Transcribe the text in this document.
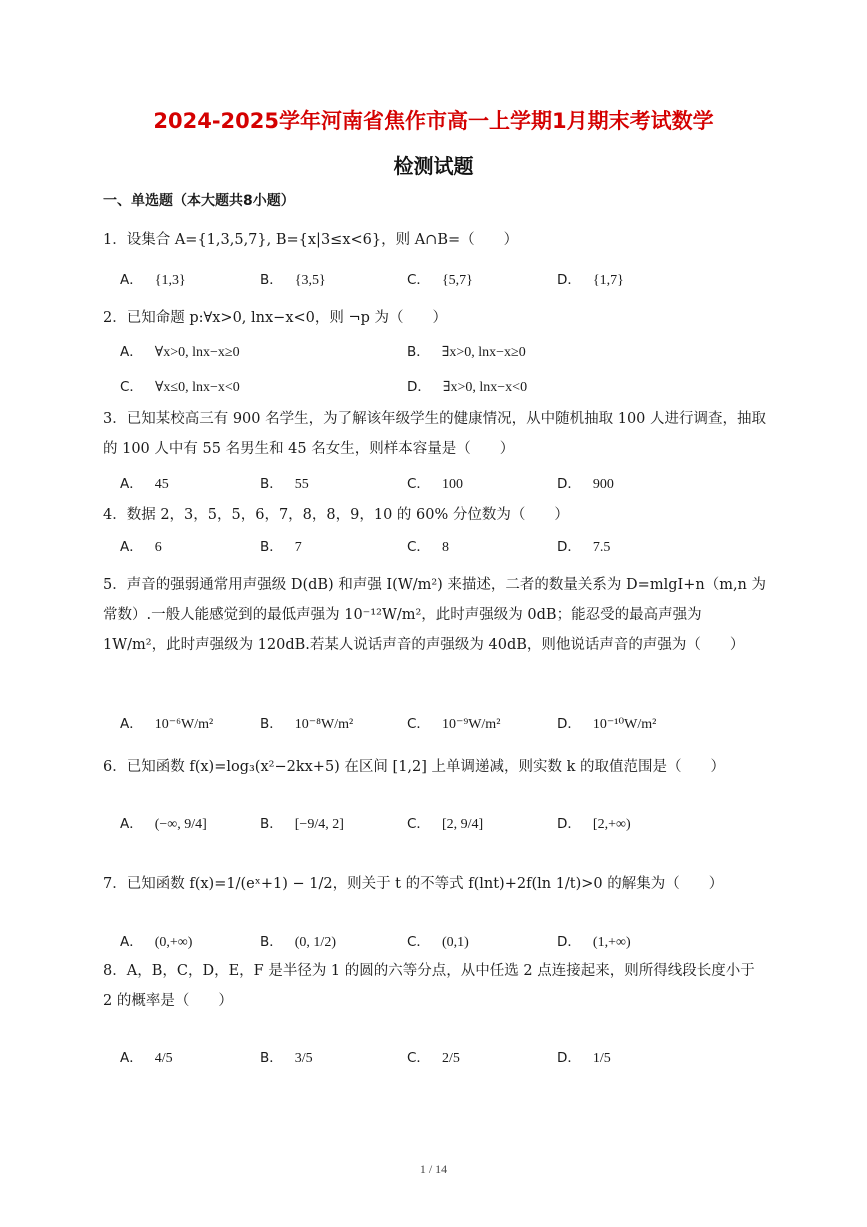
2024-2025学年河南省焦作市高一上学期1月期末考试数学
检测试题
一、单选题（本大题共8小题）
1．设集合 A={1,3,5,7}, B={x|3≤x<6}，则 A∩B=（　　）
A． {1,3}	B． {3,5}	C． {5,7}	D． {1,7}
2．已知命题 p:∀x>0, lnx−x<0，则 ¬p 为（　　）
A． ∀x>0, lnx−x≥0	B． ∃x>0, lnx−x≥0
C． ∀x≤0, lnx−x<0	D． ∃x>0, lnx−x<0
3．已知某校高三有 900 名学生，为了解该年级学生的健康情况，从中随机抽取 100 人进行调查，抽取的 100 人中有 55 名男生和 45 名女生，则样本容量是（　　）
A． 45	B． 55	C． 100	D． 900
4．数据 2，3，5，5，6，7，8，8，9，10 的 60% 分位数为（　　）
A． 6	B． 7	C． 8	D． 7.5
5．声音的强弱通常用声强级 D(dB) 和声强 I(W/m²) 来描述，二者的数量关系为 D=mlgI+n（m,n 为常数）.一般人能感觉到的最低声强为 10⁻¹²W/m²，此时声强级为 0dB；能忍受的最高声强为 1W/m²，此时声强级为 120dB.若某人说话声音的声强级为 40dB，则他说话声音的声强为（　　）
A． 10⁻⁶W/m²	B． 10⁻⁸W/m²	C． 10⁻⁹W/m²	D． 10⁻¹⁰W/m²
6．已知函数 f(x)=log₃(x²−2kx+5) 在区间 [1,2] 上单调递减，则实数 k 的取值范围是（　　）
A． (−∞, 9/4]	B． [−9/4, 2]	C． [2, 9/4]	D． [2,+∞)
7．已知函数 f(x)=1/(eˣ+1) − 1/2，则关于 t 的不等式 f(lnt)+2f(ln 1/t)>0 的解集为（　　）
A． (0,+∞)	B． (0, 1/2)	C． (0,1)	D． (1,+∞)
8．A，B，C，D，E，F 是半径为 1 的圆的六等分点，从中任选 2 点连接起来，则所得线段长度小于 2 的概率是（　　）
A． 4/5	B． 3/5	C． 2/5	D． 1/5
1 / 14
